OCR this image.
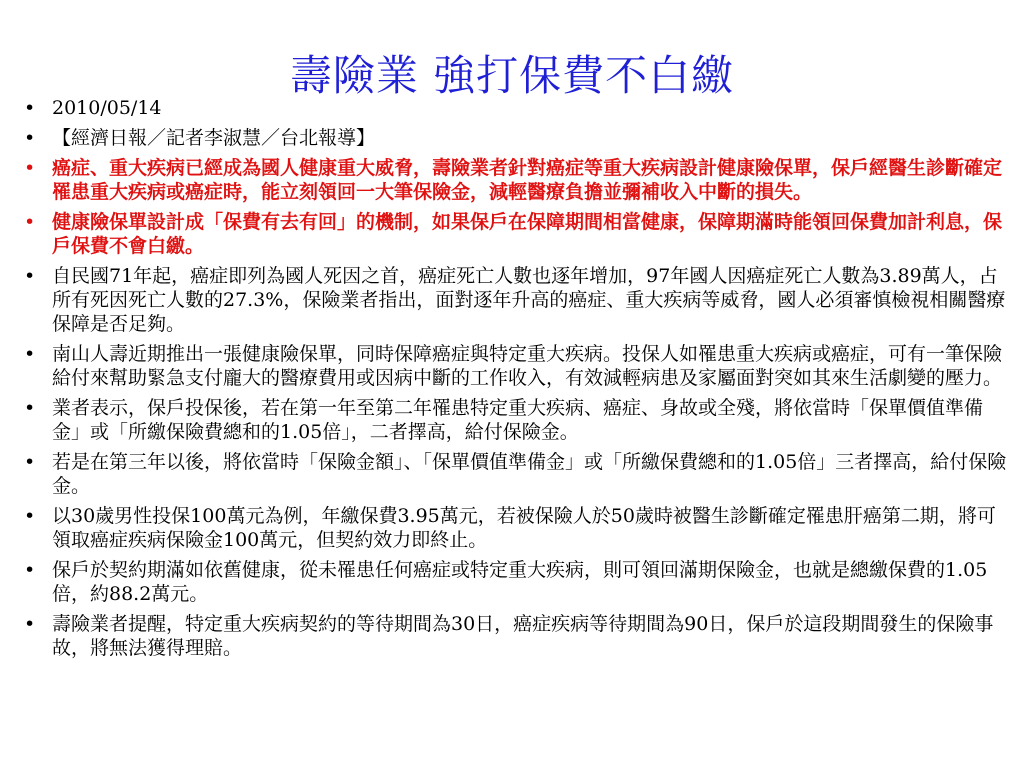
壽險業 強打保費不白繳
• 2010/05/14
• 【經濟日報／記者李淑慧／台北報導】
• 癌症、重大疾病已經成為國人健康重大威脅，壽險業者針對癌症等重大疾病設計健康險保單，保戶經醫生診斷確定罹患重大疾病或癌症時，能立刻領回一大筆保險金，減輕醫療負擔並彌補收入中斷的損失。
• 健康險保單設計成「保費有去有回」的機制，如果保戶在保障期間相當健康，保障期滿時能領回保費加計利息，保戶保費不會白繳。
• 自民國71年起，癌症即列為國人死因之首，癌症死亡人數也逐年增加，97年國人因癌症死亡人數為3.89萬人，占所有死因死亡人數的27.3%，保險業者指出，面對逐年升高的癌症、重大疾病等威脅，國人必須審慎檢視相關醫療保障是否足夠。
• 南山人壽近期推出一張健康險保單，同時保障癌症與特定重大疾病。投保人如罹患重大疾病或癌症，可有一筆保險給付來幫助緊急支付龐大的醫療費用或因病中斷的工作收入，有效減輕病患及家屬面對突如其來生活劇變的壓力。
• 業者表示，保戶投保後，若在第一年至第二年罹患特定重大疾病、癌症、身故或全殘，將依當時「保單價值準備金」或「所繳保險費總和的1.05倍」，二者擇高，給付保險金。
• 若是在第三年以後，將依當時「保險金額」、「保單價值準備金」或「所繳保費總和的1.05倍」三者擇高，給付保險金。
• 以30歲男性投保100萬元為例，年繳保費3.95萬元，若被保險人於50歲時被醫生診斷確定罹患肝癌第二期，將可領取癌症疾病保險金100萬元，但契約效力即終止。
• 保戶於契約期滿如依舊健康，從未罹患任何癌症或特定重大疾病，則可領回滿期保險金，也就是總繳保費的1.05倍，約88.2萬元。
• 壽險業者提醒，特定重大疾病契約的等待期間為30日，癌症疾病等待期間為90日，保戶於這段期間發生的保險事故，將無法獲得理賠。
